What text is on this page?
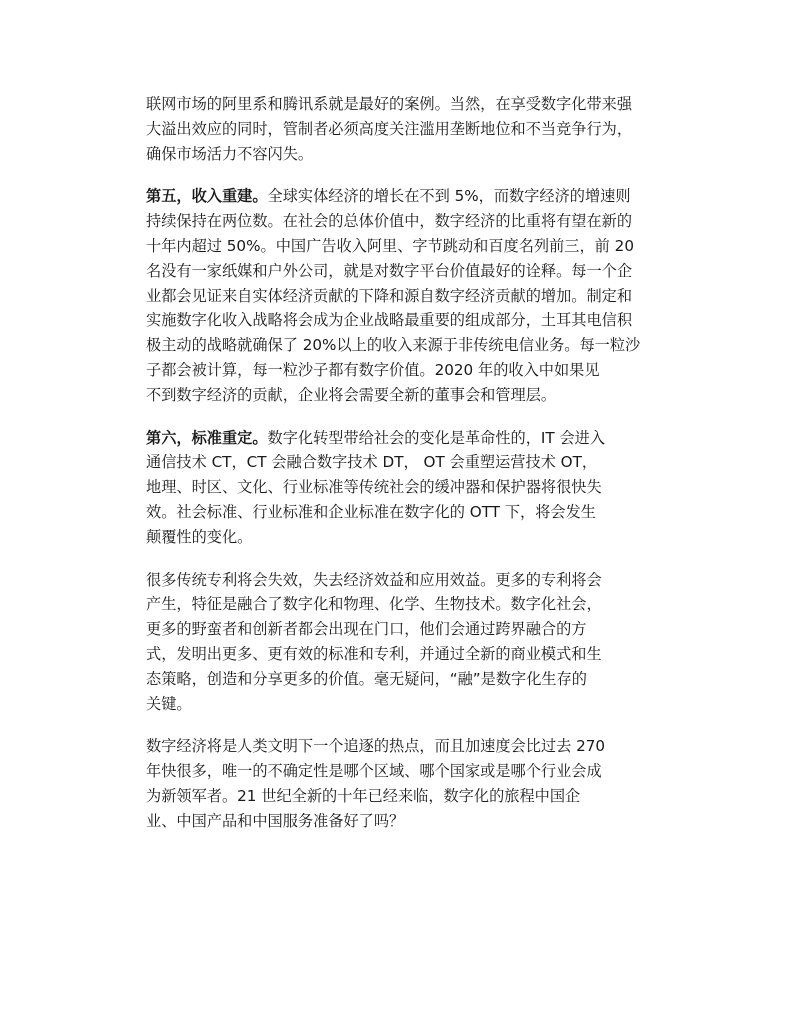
联网市场的阿里系和腾讯系就是最好的案例。当然，在享受数字化带来强
大溢出效应的同时，管制者必须高度关注滥用垄断地位和不当竞争行为，
确保市场活力不容闪失。

第五，收入重建。全球实体经济的增长在不到 5%，而数字经济的增速则
持续保持在两位数。在社会的总体价值中，数字经济的比重将有望在新的
十年内超过 50%。中国广告收入阿里、字节跳动和百度名列前三，前 20
名没有一家纸媒和户外公司，就是对数字平台价值最好的诠释。每一个企
业都会见证来自实体经济贡献的下降和源自数字经济贡献的增加。制定和
实施数字化收入战略将会成为企业战略最重要的组成部分，土耳其电信积
极主动的战略就确保了 20%以上的收入来源于非传统电信业务。每一粒沙
子都会被计算，每一粒沙子都有数字价值。2020 年的收入中如果见
不到数字经济的贡献，企业将会需要全新的董事会和管理层。

第六，标准重定。数字化转型带给社会的变化是革命性的，IT 会进入
通信技术 CT，CT 会融合数字技术 DT， OT 会重塑运营技术 OT，
地理、时区、文化、行业标准等传统社会的缓冲器和保护器将很快失
效。社会标准、行业标准和企业标准在数字化的 OTT 下，将会发生
颠覆性的变化。

很多传统专利将会失效，失去经济效益和应用效益。更多的专利将会
产生，特征是融合了数字化和物理、化学、生物技术。数字化社会，
更多的野蛮者和创新者都会出现在门口，他们会通过跨界融合的方
式，发明出更多、更有效的标准和专利，并通过全新的商业模式和生
态策略，创造和分享更多的价值。毫无疑问，“融”是数字化生存的
关键。

数字经济将是人类文明下一个追逐的热点，而且加速度会比过去 270
年快很多，唯一的不确定性是哪个区域、哪个国家或是哪个行业会成
为新领军者。21 世纪全新的十年已经来临，数字化的旅程中国企
业、中国产品和中国服务准备好了吗？
